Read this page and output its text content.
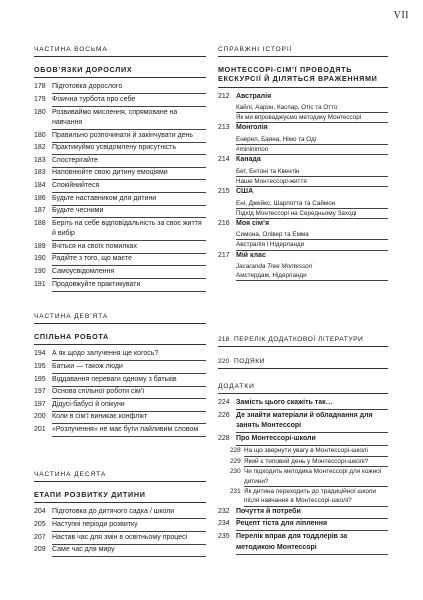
VII
ЧАСТИНА ВОСЬМА
ОБОВ’ЯЗКИ ДОРОСЛИХ
178 Підготовка дорослого
179 Фізична турбота про себе
180 Розвиваймо мислення, спрямоване на навчання
180 Правильно розпочинати й закінчувати день
182 Практикуймо усвідомлену присутність
183 Спостерігайте
183 Наповнюйте свою дитину емоціями
184 Спокійнийтеся
186 Будьте наставником для дитини
187 Будьте чесними
188 Беріть на себе відповідальність за своє життя й вибір
189 Вчіться на своїх помилках
190 Радійте з того, що маєте
190 Самоусвідомлення
191 Продовжуйте практикувати
ЧАСТИНА ДЕВ’ЯТА
СПІЛЬНА РОБОТА
194 А як щодо залучення ще когось?
195 Батьки — також люди
195 Віддавання переваги одному з батьків
197 Основа спільної роботи сім’ї
197 Дідусі-бабусі й опікуни
200 Коли в сім’ї виникає конфлікт
201 «Розлучення» не має бути лайливим словом
ЧАСТИНА ДЕСЯТА
ЕТАПИ РОЗВИТКУ ДИТИНИ
204 Підготовка до дитячого садка / школи
205 Наступні періоди розвитку
207 Настав час для змін в освітньому процесі
209 Саме час для миру
СПРАВЖНІ ІСТОРІЇ
МОНТЕССОРІ-СІМ’Ї ПРОВОДЯТЬ ЕКСКУРСІЇ Й ДІЛЯТЬСЯ ВРАЖЕННЯМИ
212 Австралія
Кайлі, Аарон, Каспар, Отіс та Отто
Як ми впроваджуємо методику Монтессорі
213 Монголія
Енерел, Баяна, Німо та Оді
#mininimoo
214 Канада
Бет, Ентоні та Квентін
Наше Монтессорі-життя
215 США
Ені, Джейкс, Шарлотта та Саймон
Підхід Монтессорі на Середньому Заході
216 Моя сім’я
Симона, Олівер та Емма
Австралія і Нідерланди
217 Мій клас
Jacaranda Tree Montessori
Амстердам, Нідерланди
218 ПЕРЕЛІК ДОДАТКОВОЇ ЛІТЕРАТУРИ
220 ПОДЯКИ
ДОДАТКИ
224 Замість цього скажіть так…
226 Де знайти матеріали й обладнання для занять Монтессорі
228 Про Монтессорі-школи
228 На що звернути увагу в Монтессорі-школі
229 Який є типовий день у Монтессорі-школі?
230 Чи підходить методика Монтессорі для кожної дитини?
231 Як дитина переходить до традиційної школи після навчання в Монтессорі-школі?
232 Почуття й потреби
234 Рецепт тіста для ліплення
235 Перелік вправ для тоддлерів за методикою Монтессорі
